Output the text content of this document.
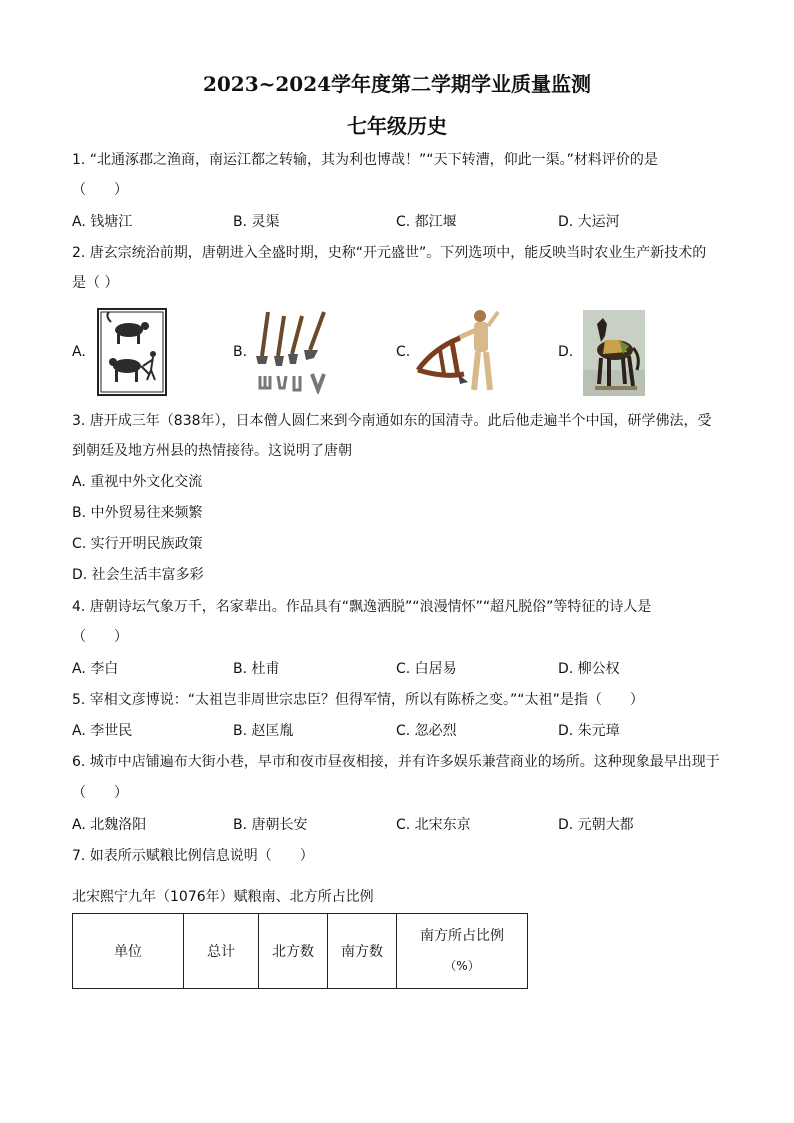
2023~2024学年度第二学期学业质量监测
七年级历史
1. “北通涿郡之渔商，南运江都之转输，其为利也博哉！”“天下转漕，仰此一渠。”材料评价的是
（　　）
A. 钱塘江	B. 灵渠	C. 都江堰	D. 大运河
2. 唐玄宗统治前期，唐朝进入全盛时期，史称“开元盛世”。下列选项中，能反映当时农业生产新技术的
是（ ）
A.	B.	C.	D.
3. 唐开成三年（838年），日本僧人圆仁来到今南通如东的国清寺。此后他走遍半个中国，研学佛法，受
到朝廷及地方州县的热情接待。这说明了唐朝
A. 重视中外文化交流
B. 中外贸易往来频繁
C. 实行开明民族政策
D. 社会生活丰富多彩
4. 唐朝诗坛气象万千，名家辈出。作品具有“飘逸洒脱”“浪漫情怀”“超凡脱俗”等特征的诗人是
（　　）
A. 李白	B. 杜甫	C. 白居易	D. 柳公权
5. 宰相文彦博说：“太祖岂非周世宗忠臣？但得军情，所以有陈桥之变。”“太祖”是指（　　）
A. 李世民	B. 赵匡胤	C. 忽必烈	D. 朱元璋
6. 城市中店铺遍布大街小巷，早市和夜市昼夜相接，并有许多娱乐兼营商业的场所。这种现象最早出现于
（　　）
A. 北魏洛阳	B. 唐朝长安	C. 北宋东京	D. 元朝大都
7. 如表所示赋粮比例信息说明（　　）
北宋熙宁九年（1076年）赋粮南、北方所占比例
单位	总计	北方数	南方数	
南方所占比例
（%）
